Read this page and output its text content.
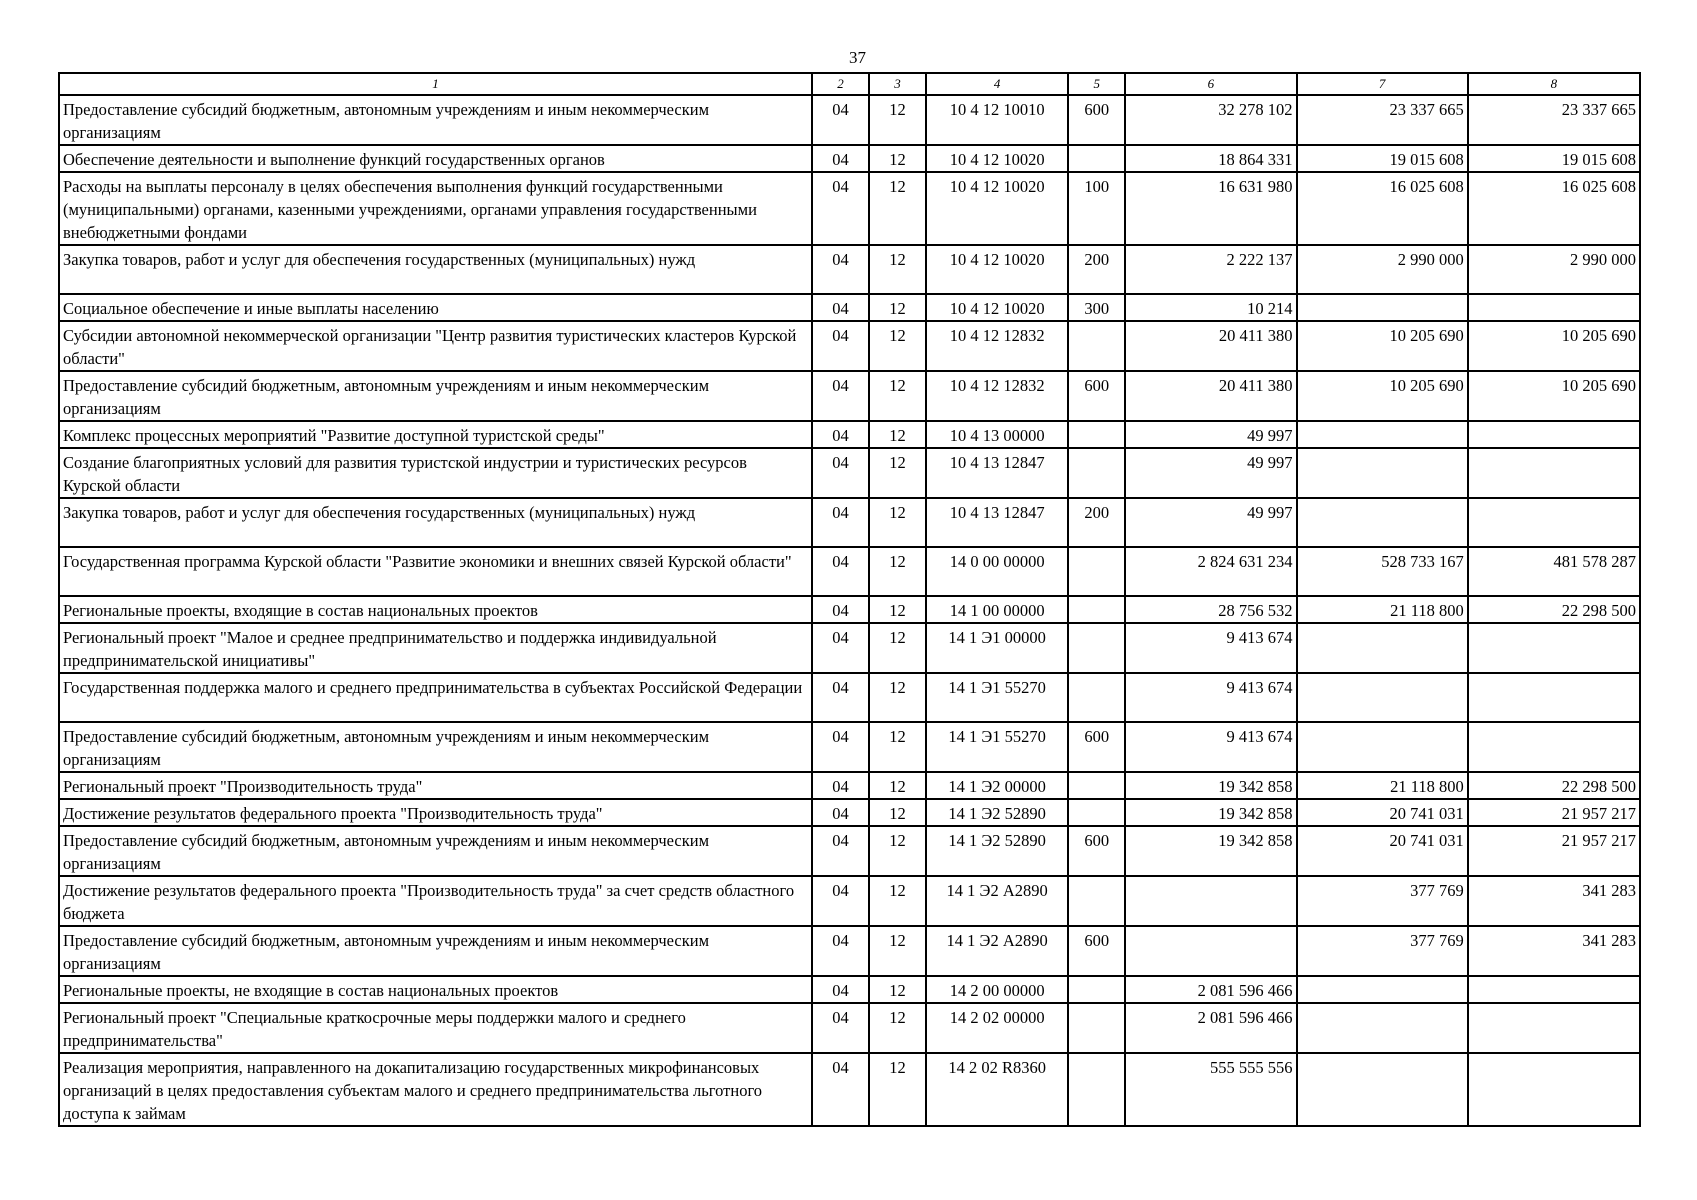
37
1	2	3	4	5	6	7	8
Предоставление субсидий бюджетным, автономным учреждениям и иным некоммерческим организациям	04	12	10 4 12 10010	600	32 278 102	23 337 665	23 337 665
Обеспечение деятельности и выполнение функций государственных органов	04	12	10 4 12 10020		18 864 331	19 015 608	19 015 608
Расходы на выплаты персоналу в целях обеспечения выполнения функций государственными (муниципальными) органами, казенными учреждениями, органами управления государственными внебюджетными фондами	04	12	10 4 12 10020	100	16 631 980	16 025 608	16 025 608
Закупка товаров, работ и услуг для обеспечения государственных (муниципальных) нужд	04	12	10 4 12 10020	200	2 222 137	2 990 000	2 990 000
Социальное обеспечение и иные выплаты населению	04	12	10 4 12 10020	300	10 214		
Субсидии автономной некоммерческой организации "Центр развития туристических кластеров Курской области"	04	12	10 4 12 12832		20 411 380	10 205 690	10 205 690
Предоставление субсидий бюджетным, автономным учреждениям и иным некоммерческим организациям	04	12	10 4 12 12832	600	20 411 380	10 205 690	10 205 690
Комплекс процессных мероприятий "Развитие доступной туристской среды"	04	12	10 4 13 00000		49 997		
Создание благоприятных условий для развития туристской индустрии и туристических ресурсов Курской области	04	12	10 4 13 12847		49 997		
Закупка товаров, работ и услуг для обеспечения государственных (муниципальных) нужд	04	12	10 4 13 12847	200	49 997		
Государственная программа Курской области "Развитие экономики и внешних связей Курской области"	04	12	14 0 00 00000		2 824 631 234	528 733 167	481 578 287
Региональные проекты, входящие в состав национальных проектов	04	12	14 1 00 00000		28 756 532	21 118 800	22 298 500
Региональный проект "Малое и среднее предпринимательство и поддержка индивидуальной предпринимательской инициативы"	04	12	14 1 Э1 00000		9 413 674		
Государственная поддержка малого и среднего предпринимательства в субъектах Российской Федерации	04	12	14 1 Э1 55270		9 413 674		
Предоставление субсидий бюджетным, автономным учреждениям и иным некоммерческим организациям	04	12	14 1 Э1 55270	600	9 413 674		
Региональный проект "Производительность труда"	04	12	14 1 Э2 00000		19 342 858	21 118 800	22 298 500
Достижение результатов федерального проекта "Производительность труда"	04	12	14 1 Э2 52890		19 342 858	20 741 031	21 957 217
Предоставление субсидий бюджетным, автономным учреждениям и иным некоммерческим организациям	04	12	14 1 Э2 52890	600	19 342 858	20 741 031	21 957 217
Достижение результатов федерального проекта "Производительность труда" за счет средств областного бюджета	04	12	14 1 Э2 А2890			377 769	341 283
Предоставление субсидий бюджетным, автономным учреждениям и иным некоммерческим организациям	04	12	14 1 Э2 А2890	600		377 769	341 283
Региональные проекты, не входящие в состав национальных проектов	04	12	14 2 00 00000		2 081 596 466		
Региональный проект "Специальные краткосрочные меры поддержки малого и среднего предпринимательства"	04	12	14 2 02 00000		2 081 596 466		
Реализация мероприятия, направленного на докапитализацию государственных микрофинансовых организаций в целях предоставления субъектам малого и среднего предпринимательства льготного доступа к займам	04	12	14 2 02 R8360		555 555 556		
